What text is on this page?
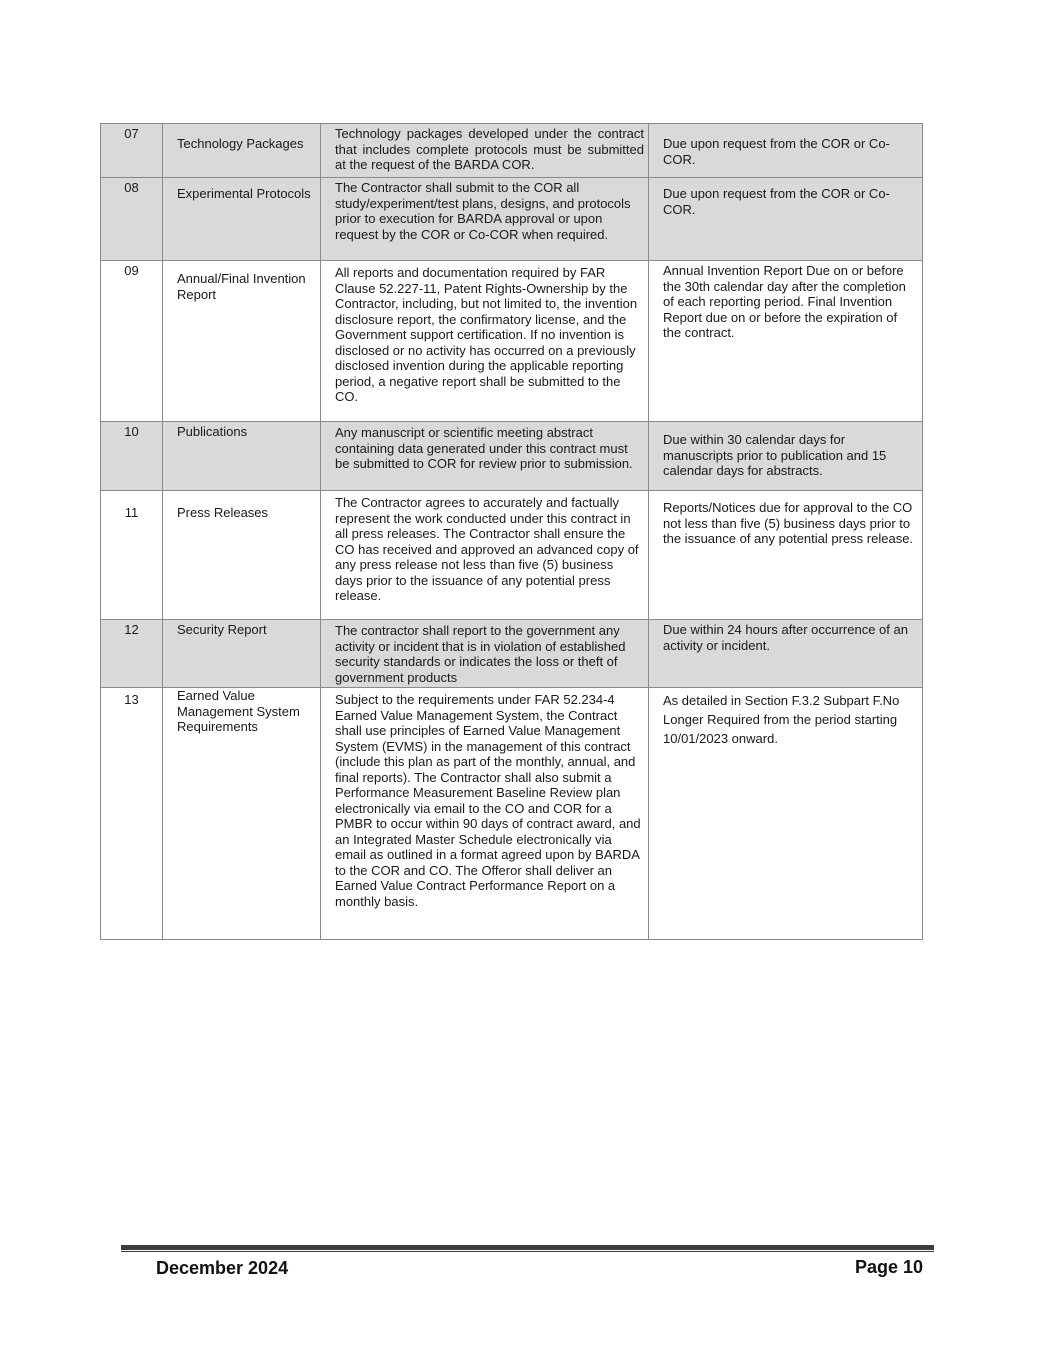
07	Technology Packages	Technology packages developed under the contract that includes complete protocols must be submitted at the request of the BARDA COR.	Due upon request from the COR or Co-COR.
08	Experimental Protocols	The Contractor shall submit to the COR all study/experiment/test plans, designs, and protocols prior to execution for BARDA approval or upon request by the COR or Co-COR when required.	Due upon request from the COR or Co-COR.
09	Annual/Final Invention Report	All reports and documentation required by FAR Clause 52.227-11, Patent Rights-Ownership by the Contractor, including, but not limited to, the invention disclosure report, the confirmatory license, and the Government support certification. If no invention is disclosed or no activity has occurred on a previously disclosed invention during the applicable reporting period, a negative report shall be submitted to the CO.	Annual Invention Report Due on or before the 30th calendar day after the completion of each reporting period. Final Invention Report due on or before the expiration of the contract.
10	Publications	Any manuscript or scientific meeting abstract containing data generated under this contract must be submitted to COR for review prior to submission.	Due within 30 calendar days for manuscripts prior to publication and 15 calendar days for abstracts.
11	Press Releases	The Contractor agrees to accurately and factually represent the work conducted under this contract in all press releases. The Contractor shall ensure the CO has received and approved an advanced copy of any press release not less than five (5) business days prior to the issuance of any potential press release.	Reports/Notices due for approval to the CO not less than five (5) business days prior to the issuance of any potential press release.
12	Security Report	The contractor shall report to the government any activity or incident that is in violation of established security standards or indicates the loss or theft of government products	Due within 24 hours after occurrence of an activity or incident.
13	Earned Value Management System Requirements	Subject to the requirements under FAR 52.234-4 Earned Value Management System, the Contract shall use principles of Earned Value Management System (EVMS) in the management of this contract (include this plan as part of the monthly, annual, and final reports). The Contractor shall also submit a Performance Measurement Baseline Review plan electronically via email to the CO and COR for a PMBR to occur within 90 days of contract award, and an Integrated Master Schedule electronically via email as outlined in a format agreed upon by BARDA to the COR and CO. The Offeror shall deliver an Earned Value Contract Performance Report on a monthly basis.	As detailed in Section F.3.2 Subpart F.No Longer Required from the period starting 10/01/2023 onward.
December 2024	Page 10
